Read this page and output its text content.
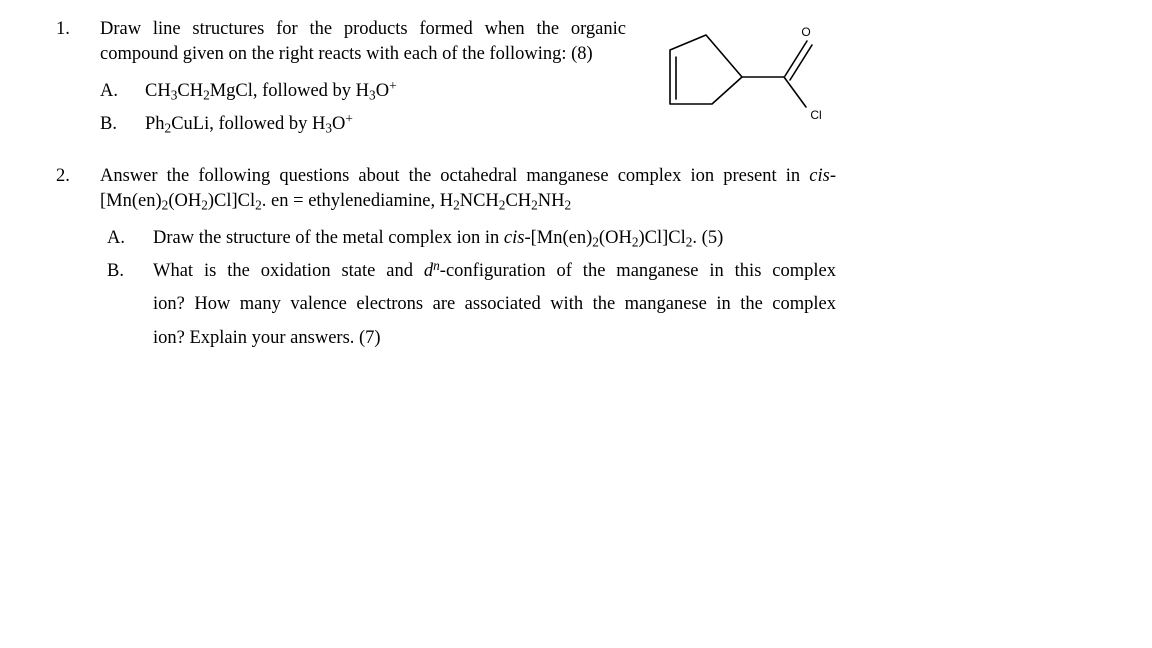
1. Draw line structures for the products formed when the organic
compound given on the right reacts with each of the following: (8)
A. $CH_3CH_2MgCl$, followed by $H_3O^+$
B. $Ph_2CuLi$, followed by $H_3O^+$
O
Cl
2. Answer the following questions about the octahedral manganese complex ion present in cis-
$[Mn(en)_2(OH_2)Cl]Cl_2$. en = ethylenediamine, $H_2NCH_2CH_2NH_2$
A. Draw the structure of the metal complex ion in cis-$[Mn(en)_2(OH_2)Cl]Cl_2$. (5)
B. What is the oxidation state and $d^n$-configuration of the manganese in this complex
ion? How many valence electrons are associated with the manganese in the complex
ion? Explain your answers. (7)
